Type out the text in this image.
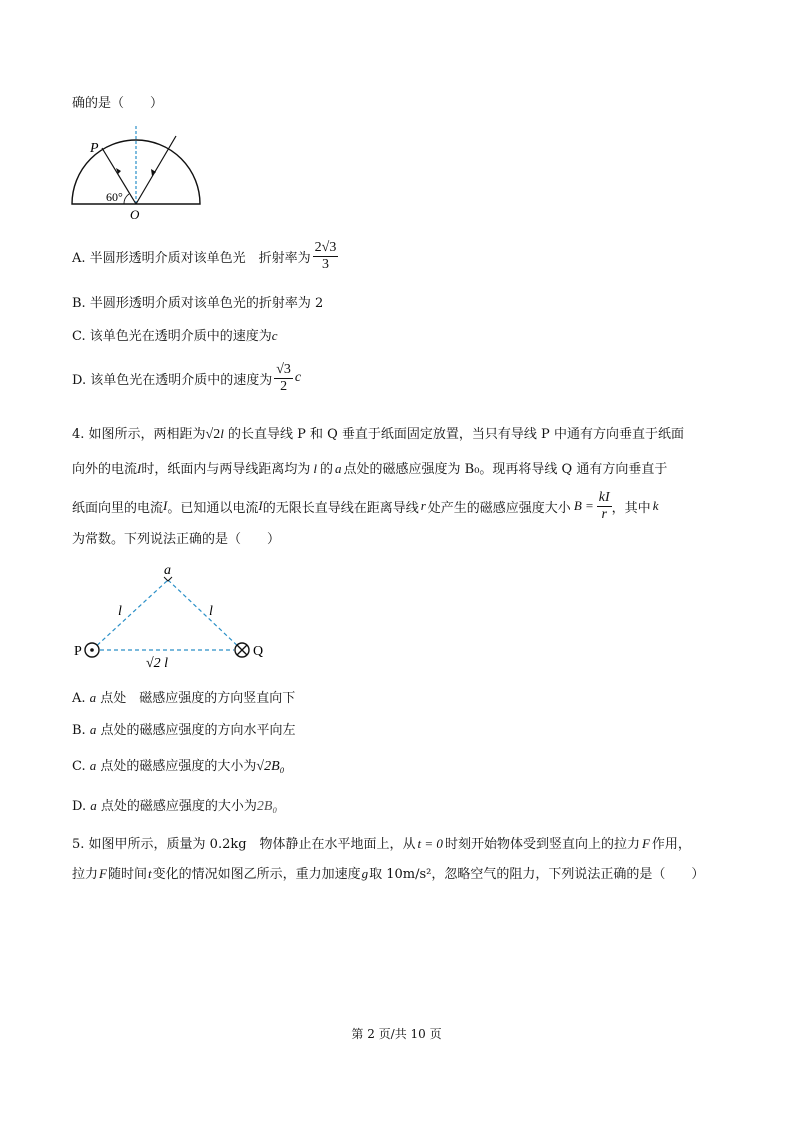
确的是（　　）
P
60°
O
A. 半圆形透明介质对该单色光　折射率为 $\frac{2√3}{3}$
B. 半圆形透明介质对该单色光的折射率为 2
C. 该单色光在透明介质中的速度为c
D. 该单色光在透明介质中的速度为 $\frac{√3}{2}$ c
4. 如图所示，两相距为√2l 的长直导线 P 和 Q 垂直于纸面固定放置，当只有导线 P 中通有方向垂直于纸面
向外的电流I时，纸面内与两导线距离均为 l 的 a 点处的磁感应强度为 B₀。现再将导线 Q 通有方向垂直于
纸面向里的电流 I 。已知通以电流 I 的无限长直导线在距离导线 r 处产生的磁感应强度大小 $B = \frac{kI}{r}$ ，其中 k
为常数。下列说法正确的是（　　）
a
l	l
P	Q
√2 l
A. a 点处　磁感应强度的方向竖直向下
B. a 点处的磁感应强度的方向水平向左
C. a 点处的磁感应强度的大小为√2B₀
D. a 点处的磁感应强度的大小为2B₀
5. 如图甲所示，质量为 0.2kg　物体静止在水平地面上，从 t = 0 时刻开始物体受到竖直向上的拉力 F 作用，
拉力F随时间t变化的情况如图乙所示，重力加速度g取 10m/s²，忽略空气的阻力，下列说法正确的是（　　）
第 2 页/共 10 页
